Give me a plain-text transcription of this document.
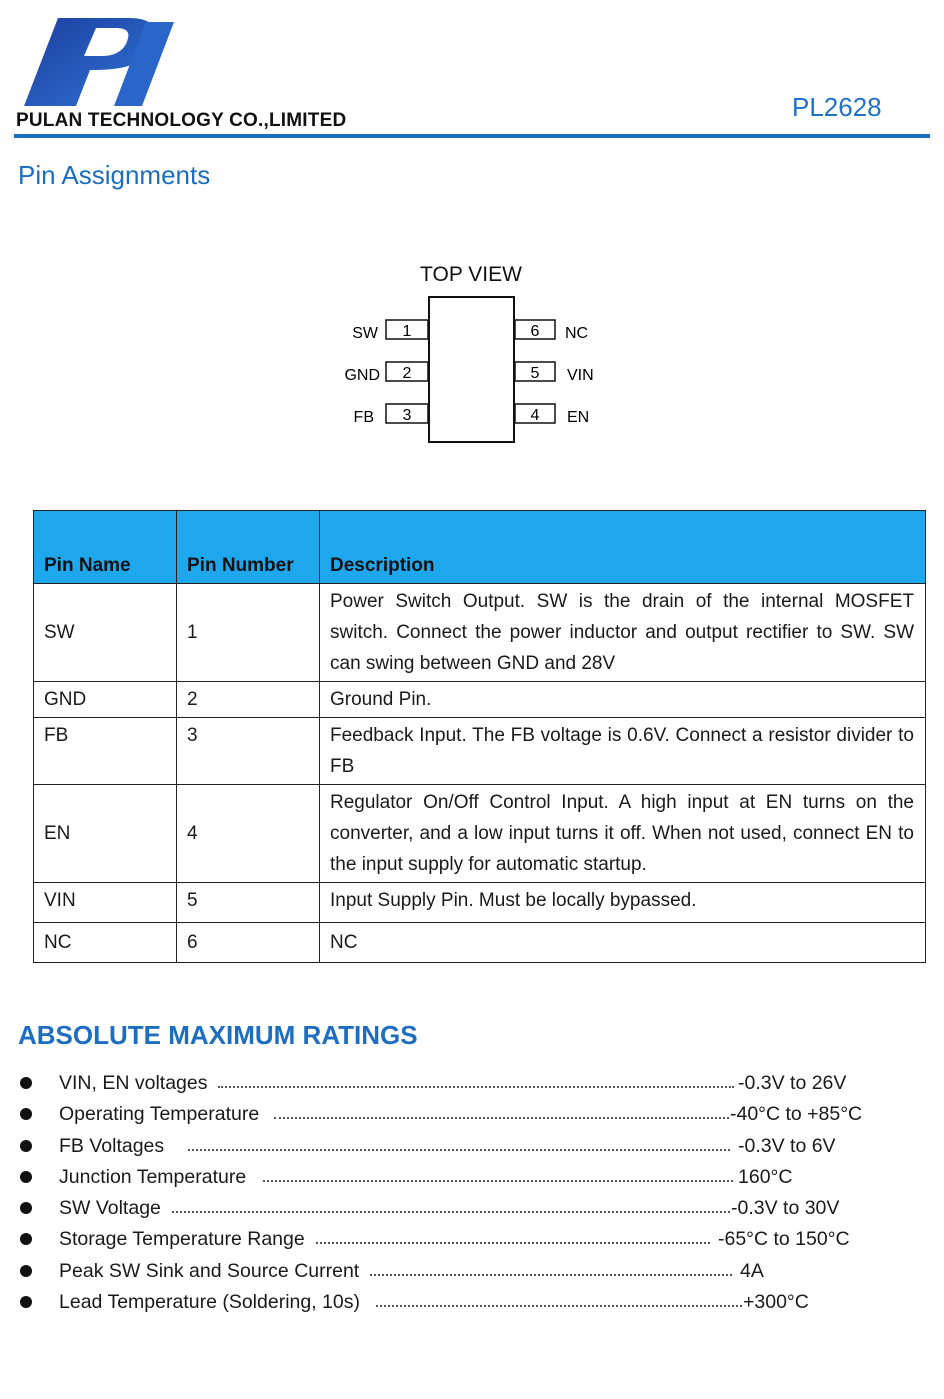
PULAN TECHNOLOGY CO.,LIMITED	PL2628
Pin Assignments
TOP VIEW
1
SW
2
GND
3
FB
6 NC
5 VIN
4 EN
Pin Name	Pin Number	Description
SW	1	Power Switch Output. SW is the drain of the internal MOSFET switch. Connect the power inductor and output rectifier to SW. SW can swing between GND and 28V
GND	2	Ground Pin.
FB	3	Feedback Input. The FB voltage is 0.6V. Connect a resistor divider to FB
EN	4	Regulator On/Off Control Input. A high input at EN turns on the converter, and a low input turns it off. When not used, connect EN to the input supply for automatic startup.
VIN	5	Input Supply Pin. Must be locally bypassed.
NC	6	NC
ABSOLUTE MAXIMUM RATINGS
VIN, EN voltages	-0.3V to 26V
Operating Temperature	-40°C to +85°C
FB Voltages	-0.3V to 6V
Junction Temperature	160°C
SW Voltage	-0.3V to 30V
Storage Temperature Range	-65°C to 150°C
Peak SW Sink and Source Current	4A
Lead Temperature (Soldering, 10s)	+300°C
